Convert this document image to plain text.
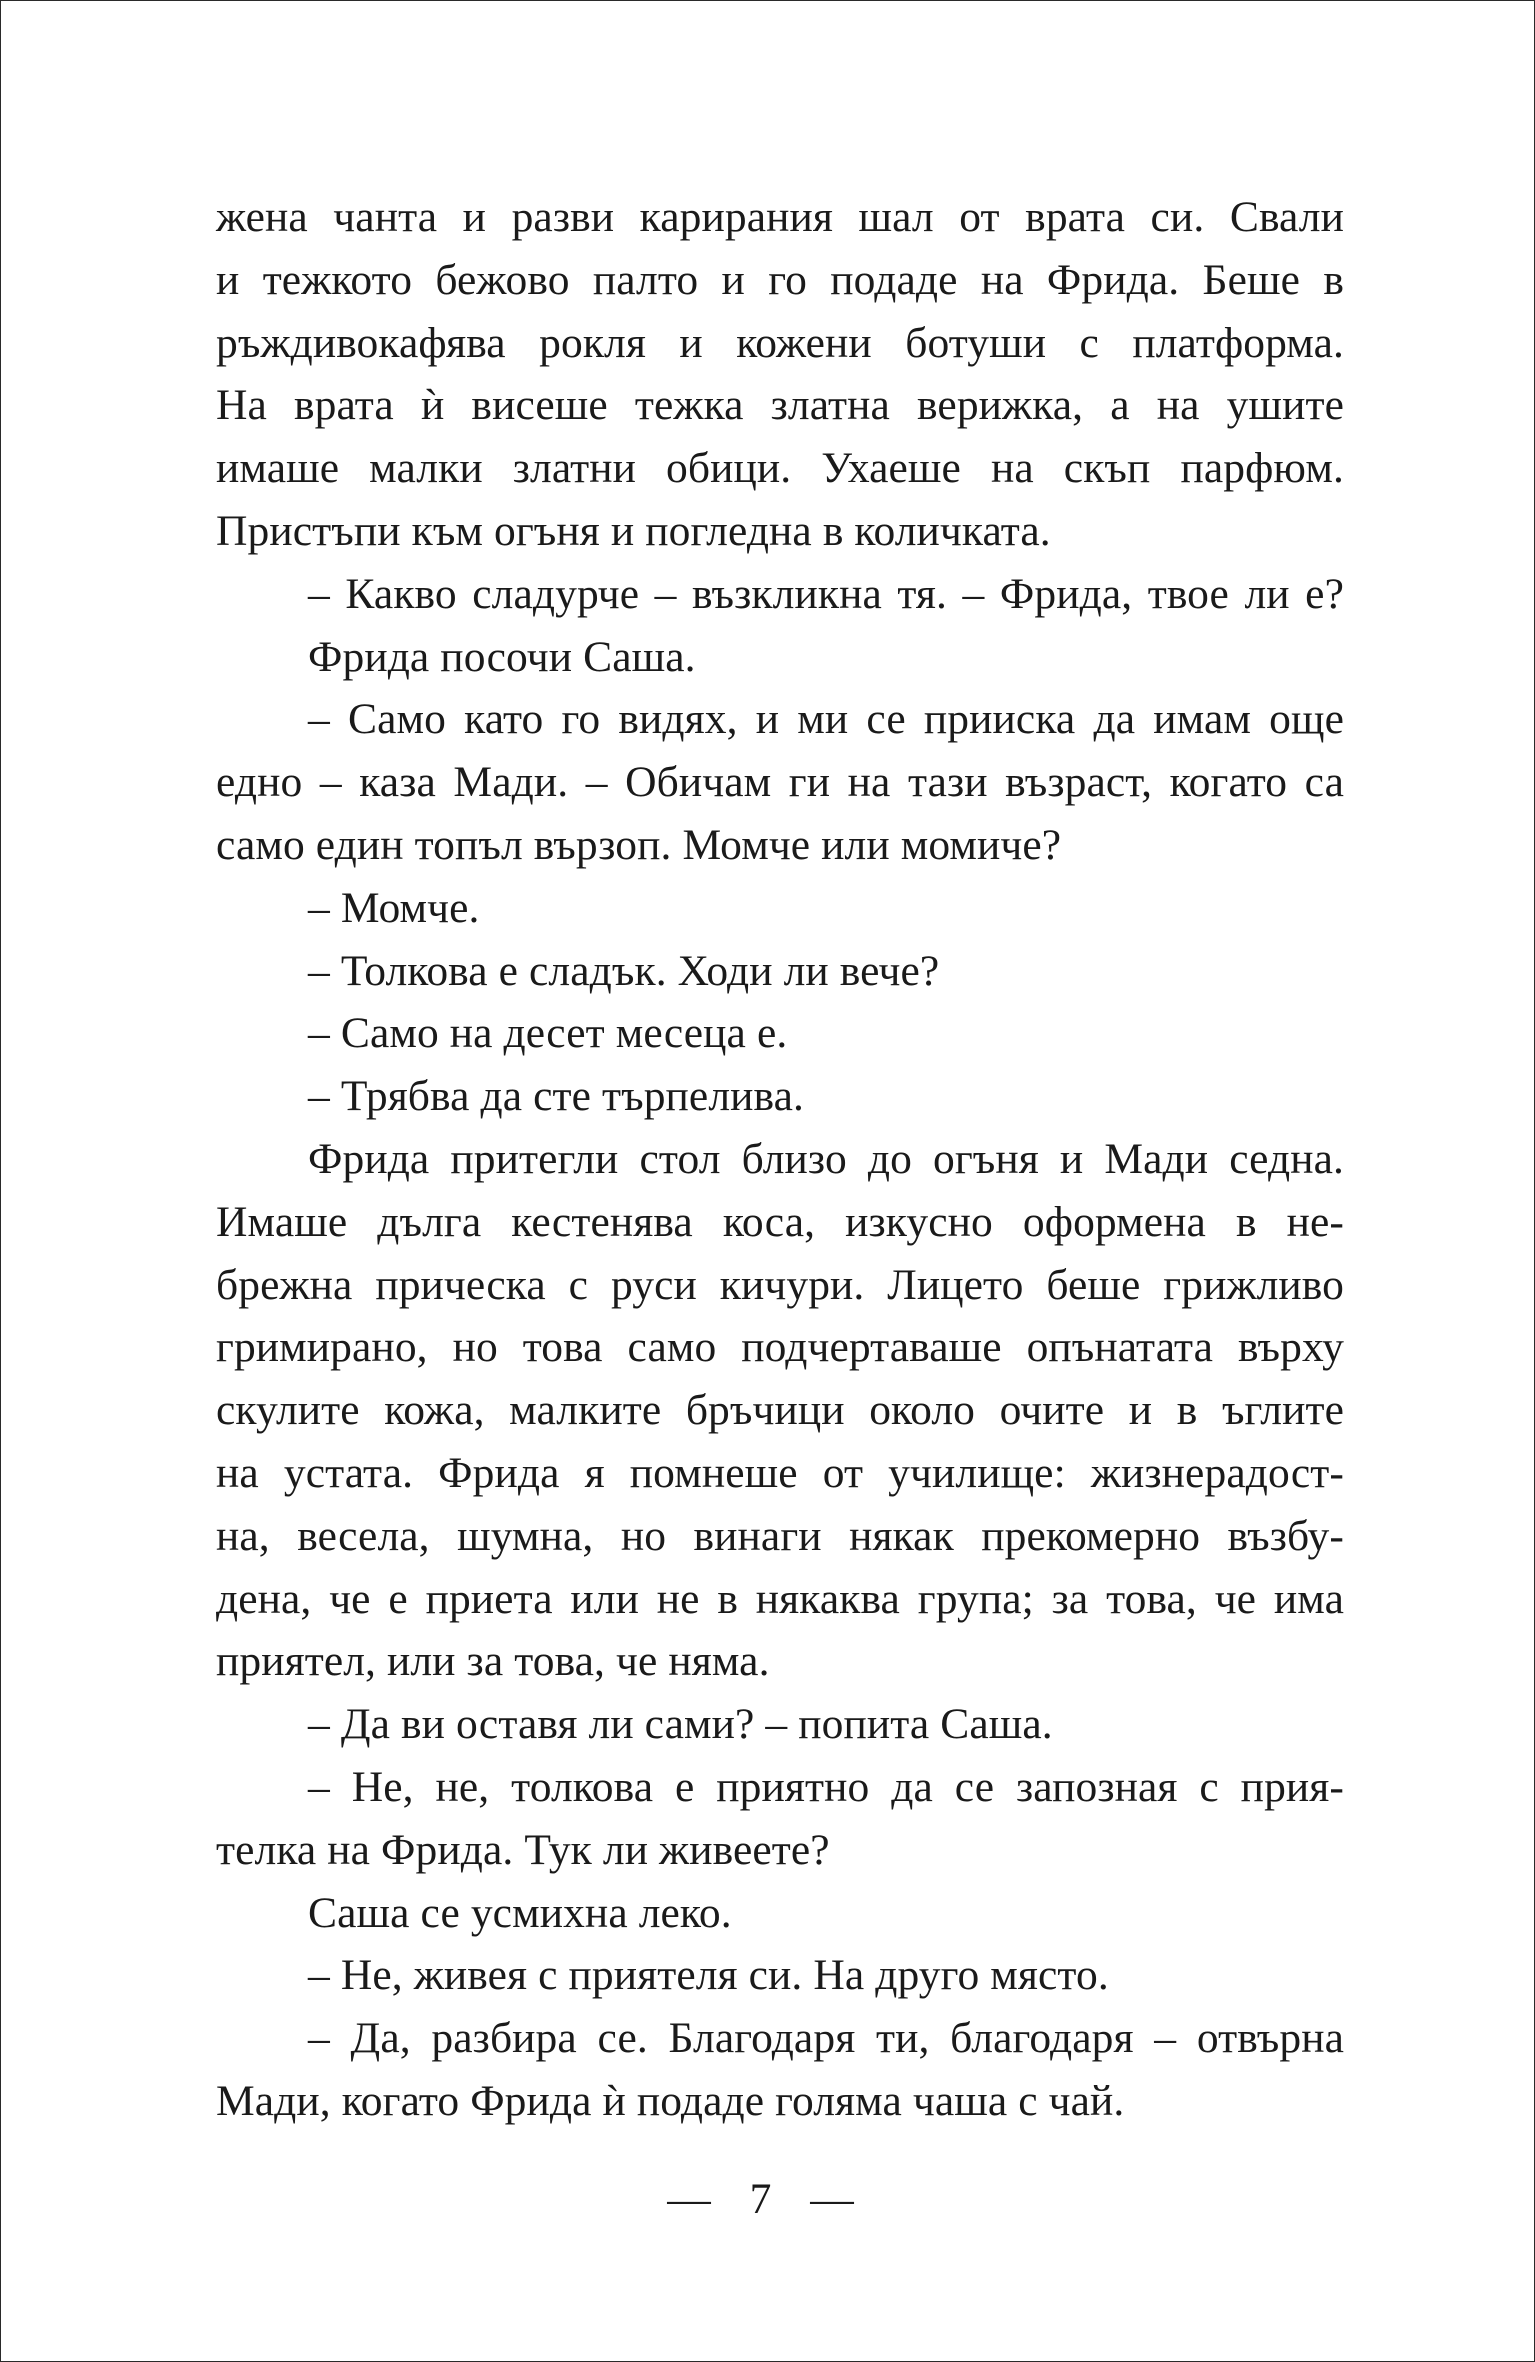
жена чанта и разви карирания шал от врата си. Свали
и тежкото бежово палто и го подаде на Фрида. Беше в
ръждивокафява рокля и кожени ботуши с платформа.
На врата ѝ висеше тежка златна верижка, а на ушите
имаше малки златни обици. Ухаеше на скъп парфюм.
Пристъпи към огъня и погледна в количката.
– Какво сладурче – възкликна тя. – Фрида, твое ли е?
Фрида посочи Саша.
– Само като го видях, и ми се прииска да имам още
едно – каза Мади. – Обичам ги на тази възраст, когато са
само един топъл вързоп. Момче или момиче?
– Момче.
– Толкова е сладък. Ходи ли вече?
– Само на десет месеца е.
– Трябва да сте търпелива.
Фрида притегли стол близо до огъня и Мади седна.
Имаше дълга кестенява коса, изкусно оформена в не-
брежна прическа с руси кичури. Лицето беше грижливо
гримирано, но това само подчертаваше опънатата върху
скулите кожа, малките бръчици около очите и в ъглите
на устата. Фрида я помнеше от училище: жизнерадост-
на, весела, шумна, но винаги някак прекомерно възбу-
дена, че е приета или не в някаква група; за това, че има
приятел, или за това, че няма.
– Да ви оставя ли сами? – попита Саша.
– Не, не, толкова е приятно да се запозная с прия-
телка на Фрида. Тук ли живеете?
Саша се усмихна леко.
– Не, живея с приятеля си. На друго място.
– Да, разбира се. Благодаря ти, благодаря – отвърна
Мади, когато Фрида ѝ подаде голяма чаша с чай.
— 7 —
